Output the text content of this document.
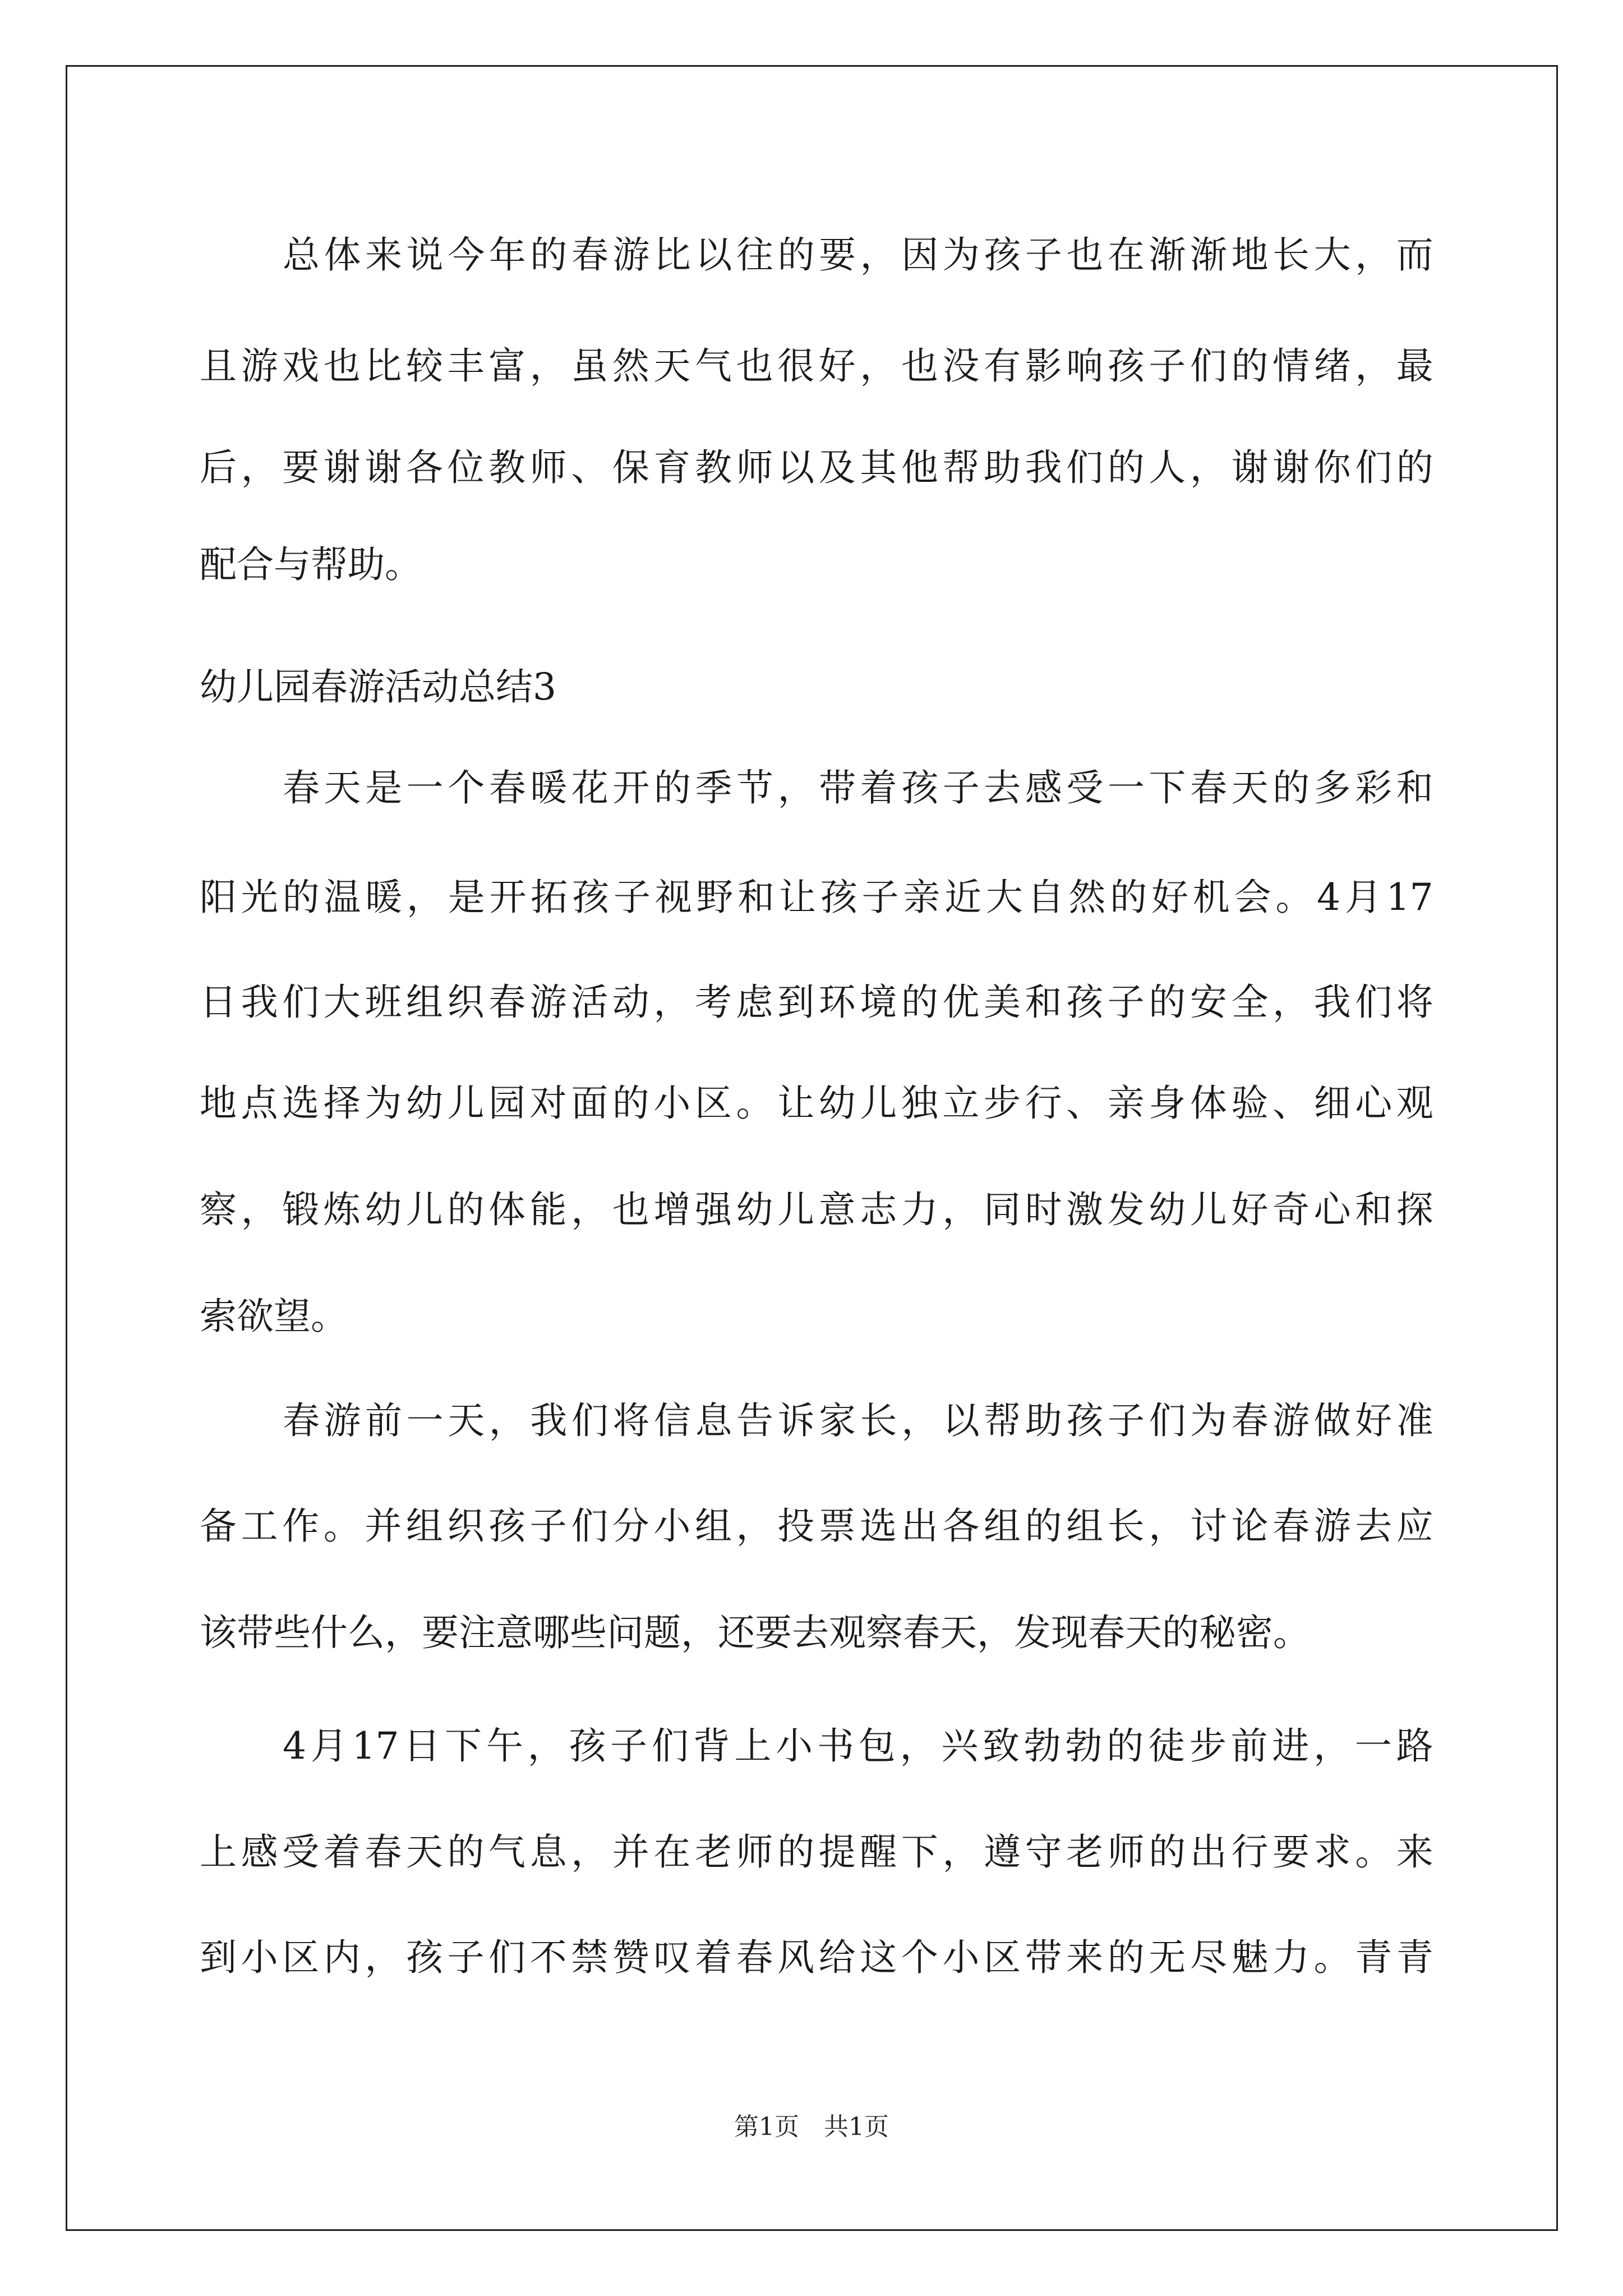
总 体 来 说 今 年 的 春 游 比 以 往 的 要 ， 因 为 孩 子 也 在 渐 渐 地 长 大 ， 而
且 游 戏 也 比 较 丰 富 ， 虽 然 天 气 也 很 好 ， 也 没 有 影 响 孩 子 们 的 情 绪 ， 最
后 ， 要 谢 谢 各 位 教 师 、 保 育 教 师 以 及 其 他 帮 助 我 们 的 人 ， 谢 谢 你 们 的
配合与帮助。
幼儿园春游活动总结3
春 天 是 一 个 春 暖 花 开 的 季 节 ， 带 着 孩 子 去 感 受 一 下 春 天 的 多 彩 和
阳 光 的 温 暖 ， 是 开 拓 孩 子 视 野 和 让 孩 子 亲 近 大 自 然 的 好 机 会 。 4 月 17
日 我 们 大 班 组 织 春 游 活 动 ， 考 虑 到 环 境 的 优 美 和 孩 子 的 安 全 ， 我 们 将
地 点 选 择 为 幼 儿 园 对 面 的 小 区 。 让 幼 儿 独 立 步 行 、 亲 身 体 验 、 细 心 观
察 ， 锻 炼 幼 儿 的 体 能 ， 也 增 强 幼 儿 意 志 力 ， 同 时 激 发 幼 儿 好 奇 心 和 探
索欲望。
春 游 前 一 天 ， 我 们 将 信 息 告 诉 家 长 ， 以 帮 助 孩 子 们 为 春 游 做 好 准
备 工 作 。 并 组 织 孩 子 们 分 小 组 ， 投 票 选 出 各 组 的 组 长 ， 讨 论 春 游 去 应
该带些什么，要注意哪些问题，还要去观察春天，发现春天的秘密。
4 月 17 日 下 午 ， 孩 子 们 背 上 小 书 包 ， 兴 致 勃 勃 的 徒 步 前 进 ， 一 路
上 感 受 着 春 天 的 气 息 ， 并 在 老 师 的 提 醒 下 ， 遵 守 老 师 的 出 行 要 求 。 来
到 小 区 内 ， 孩 子 们 不 禁 赞 叹 着 春 风 给 这 个 小 区 带 来 的 无 尽 魅 力 。 青 青
第1页　共1页
